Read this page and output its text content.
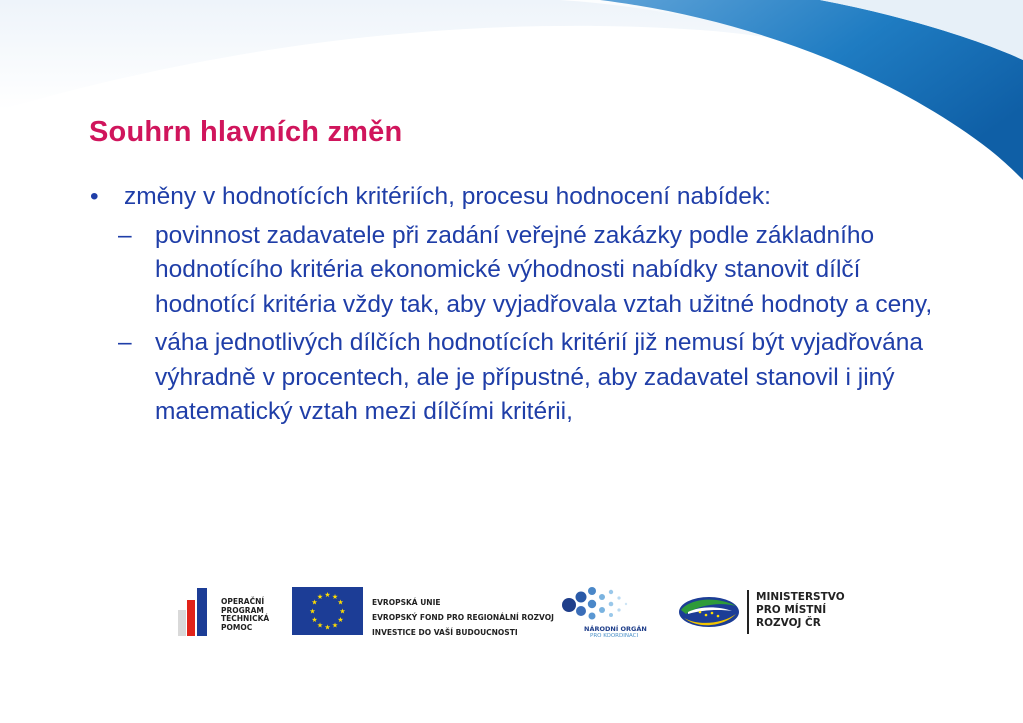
Souhrn hlavních změn

• změny v hodnotících kritériích, procesu hodnocení nabídek:

– povinnost zadavatele při zadání veřejné zakázky podle základního hodnotícího kritéria ekonomické výhodnosti nabídky stanovit dílčí hodnotící kritéria vždy tak, aby vyjadřovala vztah užitné hodnoty a ceny,

– váha jednotlivých dílčích hodnotících kritérií již nemusí být vyjadřována výhradně v procentech, ale je přípustné, aby zadavatel stanovil i jiný matematický vztah mezi dílčími kritérii,

OPERAČNÍ
PROGRAM
TECHNICKÁ
POMOC
★ ★
★
★
★
★
★
★
★
★
★
★
EVROPSKÁ UNIE
EVROPSKÝ FOND PRO REGIONÁLNÍ ROZVOJ
INVESTICE DO VAŠÍ BUDOUCNOSTI	NÁRODNÍ ORGÁN
PRO KOORDINACI
MINISTERSTVO
PRO MÍSTNÍ
ROZVOJ ČR
